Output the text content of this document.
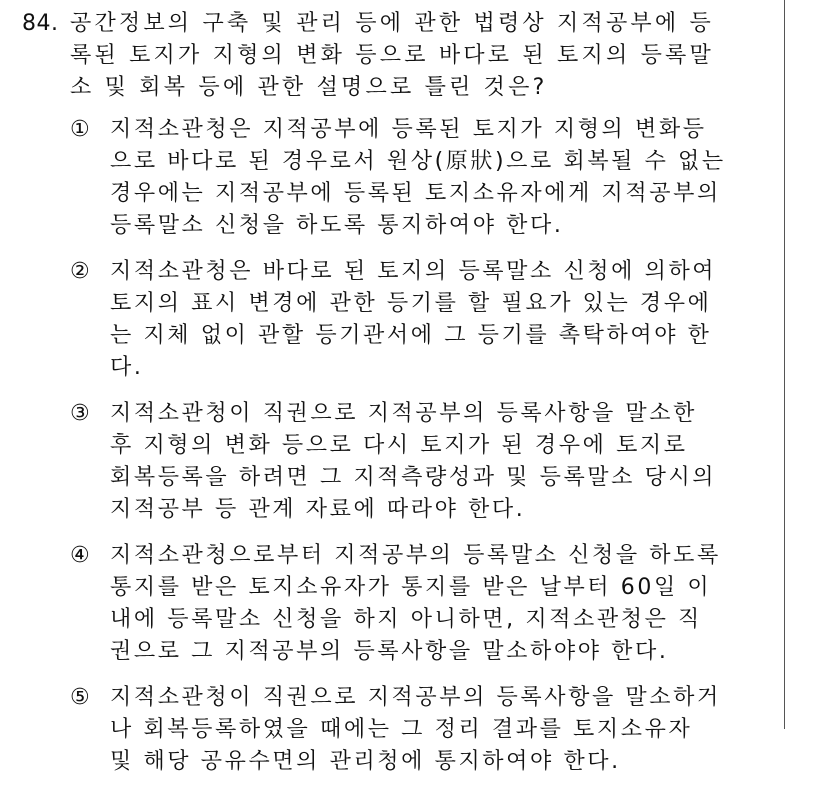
84. 공간정보의 구축 및 관리 등에 관한 법령상 지적공부에 등
록된 토지가 지형의 변화 등으로 바다로 된 토지의 등록말
소 및 회복 등에 관한 설명으로 틀린 것은?
① 지적소관청은 지적공부에 등록된 토지가 지형의 변화등
으로 바다로 된 경우로서 원상(原狀)으로 회복될 수 없는
경우에는 지적공부에 등록된 토지소유자에게 지적공부의
등록말소 신청을 하도록 통지하여야 한다.
② 지적소관청은 바다로 된 토지의 등록말소 신청에 의하여
토지의 표시 변경에 관한 등기를 할 필요가 있는 경우에
는 지체 없이 관할 등기관서에 그 등기를 촉탁하여야 한
다.
③ 지적소관청이 직권으로 지적공부의 등록사항을 말소한
후 지형의 변화 등으로 다시 토지가 된 경우에 토지로
회복등록을 하려면 그 지적측량성과 및 등록말소 당시의
지적공부 등 관계 자료에 따라야 한다.
④ 지적소관청으로부터 지적공부의 등록말소 신청을 하도록
통지를 받은 토지소유자가 통지를 받은 날부터 60일 이
내에 등록말소 신청을 하지 아니하면, 지적소관청은 직
권으로 그 지적공부의 등록사항을 말소하야야 한다.
⑤ 지적소관청이 직권으로 지적공부의 등록사항을 말소하거
나 회복등록하였을 때에는 그 정리 결과를 토지소유자
및 해당 공유수면의 관리청에 통지하여야 한다.
